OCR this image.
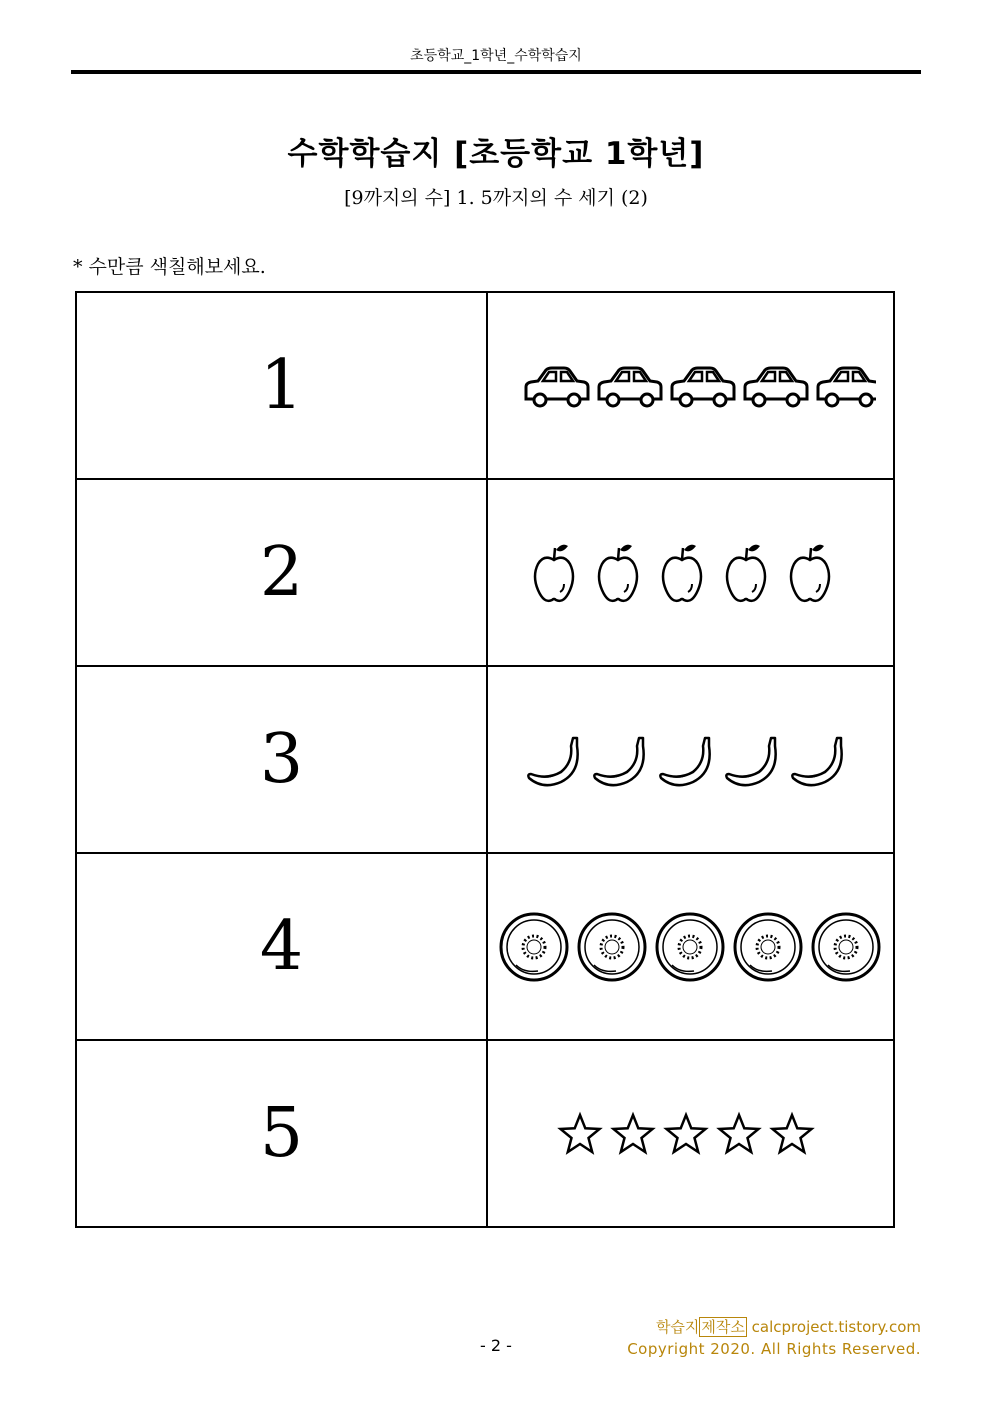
초등학교_1학년_수학학습지
수학학습지 [초등학교 1학년]
[9까지의 수] 1. 5까지의 수 세기 (2)
* 수만큼 색칠해보세요.
1	

2	

3	

4	

5	
학습지 제작소 calcproject.tistory.com
Copyright 2020. All Rights Reserved.
- 2 -
